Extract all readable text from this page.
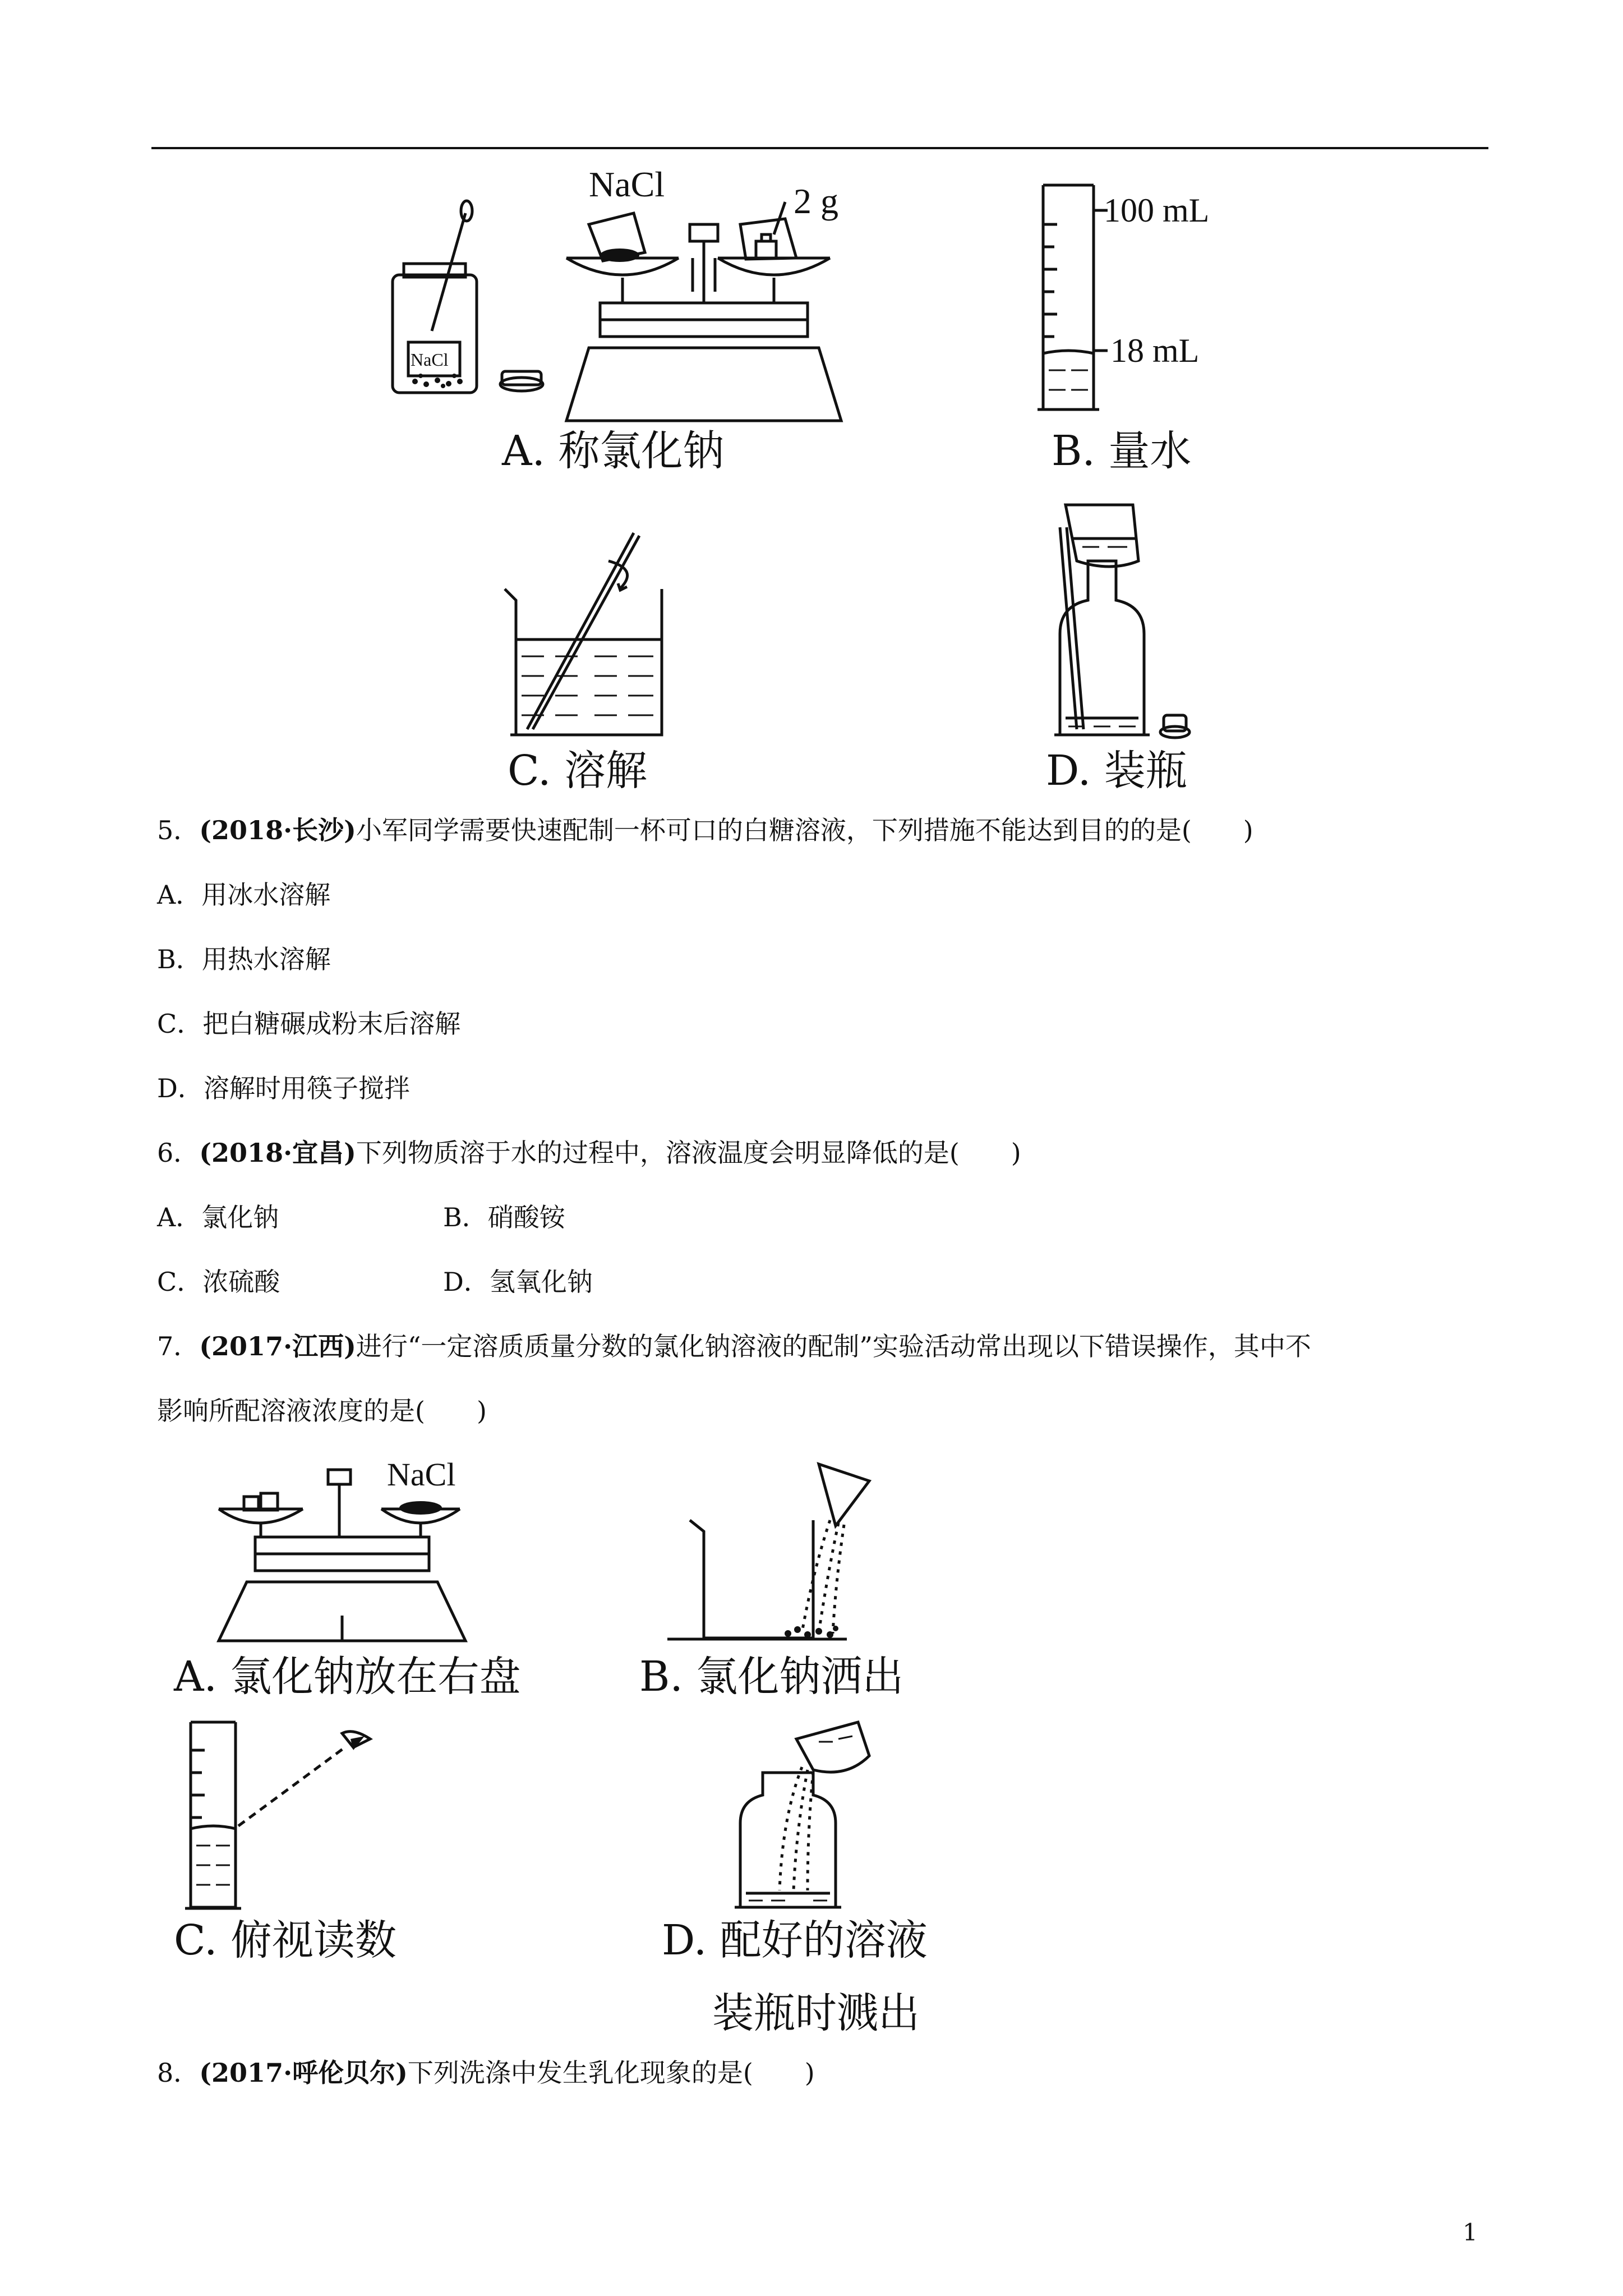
NaCl	2 g
NaCl
A. 称氯化钠
100 mL
18 mL
B. 量水
C. 溶解	D. 装瓶
5．(2018·长沙)小军同学需要快速配制一杯可口的白糖溶液，下列措施不能达到目的的是(　　)
A．用冰水溶解
B．用热水溶解
C．把白糖碾成粉末后溶解
D．溶解时用筷子搅拌
6．(2018·宜昌)下列物质溶于水的过程中，溶液温度会明显降低的是(　　)
A．氯化钠	B．硝酸铵
C．浓硫酸	D．氢氧化钠
7．(2017·江西)进行“一定溶质质量分数的氯化钠溶液的配制”实验活动常出现以下错误操作，其中不
影响所配溶液浓度的是(　　)
NaCl
A. 氯化钠放在右盘	B. 氯化钠洒出
C. 俯视读数	D. 配好的溶液
装瓶时溅出
8．(2017·呼伦贝尔)下列洗涤中发生乳化现象的是(　　)
1
